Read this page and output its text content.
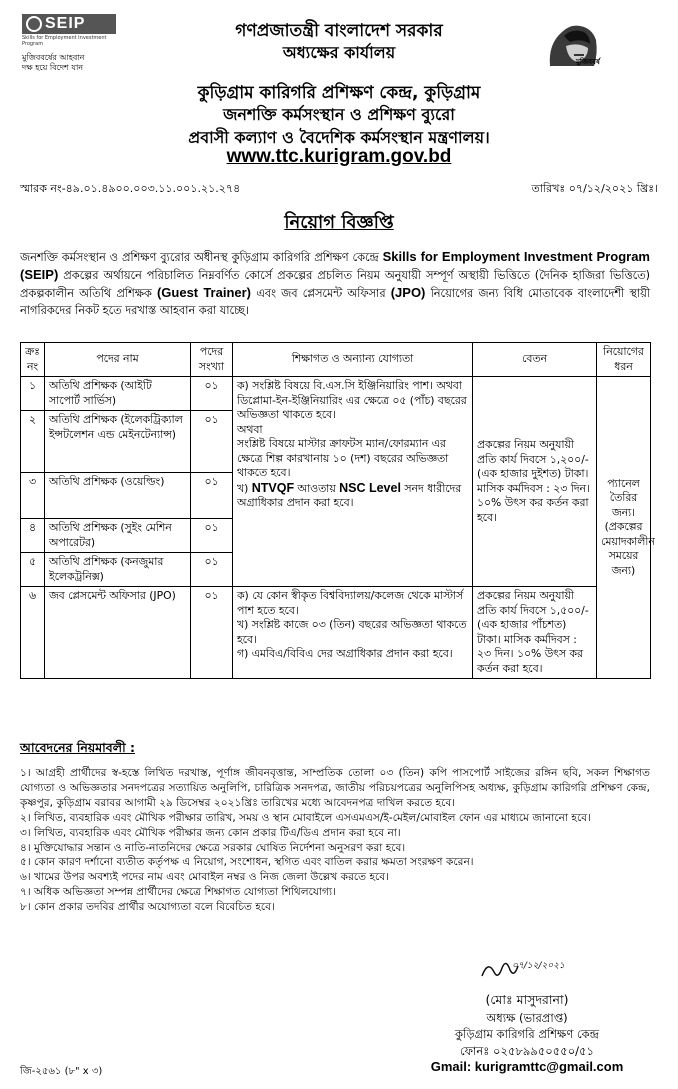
SEIP
Skills for Employment Investment Program
মুজিববর্ষের আহবান
দক্ষ হয়ে বিদেশ যান
মুজিববর্ষ
গণপ্রজাতন্ত্রী বাংলাদেশ সরকার
অধ্যক্ষের কার্যালয়
কুড়িগ্রাম কারিগরি প্রশিক্ষণ কেন্দ্র, কুড়িগ্রাম
জনশক্তি কর্মসংস্থান ও প্রশিক্ষণ ব্যুরো
প্রবাসী কল্যাণ ও বৈদেশিক কর্মসংস্থান মন্ত্রণালয়।
www.ttc.kurigram.gov.bd
স্মারক নং-৪৯.০১.৪৯০০.০০৩.১১.০০১.২১.২৭৪	তারিখঃ ০৭/১২/২০২১ খ্রিঃ।
নিয়োগ বিজ্ঞপ্তি
জনশক্তি কর্মসংস্থান ও প্রশিক্ষণ ব্যুরোর অধীনস্থ কুড়িগ্রাম কারিগরি প্রশিক্ষণ কেন্দ্রে Skills for Employment Investment Program (SEIP) প্রকল্পের অর্থায়নে পরিচালিত নিম্নবর্ণিত কোর্সে প্রকল্পের প্রচলিত নিয়ম অনুযায়ী সম্পূর্ণ অস্থায়ী ভিত্তিতে (দৈনিক হাজিরা ভিত্তিতে) প্রকল্পকালীন অতিথি প্রশিক্ষক (Guest Trainer) এবং জব প্লেসমেন্ট অফিসার (JPO) নিয়োগের জন্য বিধি মোতাবেক বাংলাদেশী স্থায়ী নাগরিকদের নিকট হতে দরখাস্ত আহবান করা যাচ্ছে।
ক্রঃ নং	পদের নাম	পদের সংখ্যা	শিক্ষাগত ও অন্যান্য যোগ্যতা	বেতন	নিয়োগের ধরন
১	অতিথি প্রশিক্ষক (আইটি সাপোর্ট সার্ভিস)	০১	ক) সংশ্লিষ্ট বিষয়ে বি.এস.সি ইঞ্জিনিয়ারিং পাশ। অথবা ডিপ্লোমা-ইন-ইঞ্জিনিয়ারিং এর ক্ষেত্রে ০৫ (পাঁচ) বছরের অভিজ্ঞতা থাকতে হবে।
অথবা
সংশ্লিষ্ট বিষয়ে মাস্টার ক্রাফটস ম্যান/ফোরম্যান এর ক্ষেত্রে শিল্প কারখানায় ১০ (দশ) বছরের অভিজ্ঞতা থাকতে হবে।
খ) NTVQF আওতায় NSC Level সনদ ধারীদের অগ্রাধিকার প্রদান করা হবে।	প্রকল্পের নিয়ম অনুযায়ী প্রতি কার্য দিবসে ১,২০০/- (এক হাজার দুইশত) টাকা। মাসিক কর্মদিবস : ২৩ দিন। ১০% উৎস কর কর্তন করা হবে।	প্যানেল তৈরির জন্য। (প্রকল্পের মেয়াদকালীন সময়ের জন্য)
২	অতিথি প্রশিক্ষক (ইলেকট্রিক্যাল ইন্সটলেশন এন্ড মেইনটেন্যান্স)	০১			
৩	অতিথি প্রশিক্ষক (ওয়েল্ডিং)	০১			
৪	অতিথি প্রশিক্ষক (সুইং মেশিন অপারেটর)	০১			
৫	অতিথি প্রশিক্ষক (কনজুমার ইলেকট্রনিক্স)	০১			
৬	জব প্লেসমেন্ট অফিসার (JPO)	০১	ক) যে কোন স্বীকৃত বিশ্ববিদ্যালয়/কলেজ থেকে মাস্টার্স পাশ হতে হবে।
খ) সংশ্লিষ্ট কাজে ০৩ (তিন) বছরের অভিজ্ঞতা থাকতে হবে।
গ) এমবিএ/বিবিএ দের অগ্রাধিকার প্রদান করা হবে।	প্রকল্পের নিয়ম অনুযায়ী প্রতি কার্য দিবসে ১,৫০০/- (এক হাজার পাঁচশত) টাকা। মাসিক কর্মদিবস : ২৩ দিন। ১০% উৎস কর কর্তন করা হবে।	
আবেদনের নিয়মাবলী :
১। আগ্রহী প্রার্থীদের স্ব-হস্তে লিখিত দরখাস্ত, পূর্ণাঙ্গ জীবনবৃত্তান্ত, সাম্প্রতিক তোলা ০৩ (তিন) কপি পাসপোর্ট সাইজের রঙ্গিন ছবি, সকল শিক্ষাগত যোগ্যতা ও অভিজ্ঞতার সনদপত্রের সত্যায়িত অনুলিপি, চারিত্রিক সনদপত্র, জাতীয় পরিচয়পত্রের অনুলিপিসহ অধ্যক্ষ, কুড়িগ্রাম কারিগরি প্রশিক্ষণ কেন্দ্র, কৃষ্ণপুর, কুড়িগ্রাম বরাবর আগামী ২৯ ডিসেম্বর ২০২১খ্রিঃ তারিখের মধ্যে আবেদনপত্র দাখিল করতে হবে।
২। লিখিত, ব্যবহারিক এবং মৌখিক পরীক্ষার তারিখ, সময় ও স্থান মোবাইলে এসএমএস/ই-মেইল/মোবাইল ফোন এর মাধ্যমে জানানো হবে।
৩। লিখিত, ব্যবহারিক এবং মৌখিক পরীক্ষার জন্য কোন প্রকার টিএ/ডিএ প্রদান করা হবে না।
৪। মুক্তিযোদ্ধার সন্তান ও নাতি-নাতনিদের ক্ষেত্রে সরকার ঘোষিত নির্দেশনা অনুসরণ করা হবে।
৫। কোন কারণ দর্শানো ব্যতীত কর্তৃপক্ষ এ নিয়োগ, সংশোধন, স্থগিত এবং বাতিল করার ক্ষমতা সংরক্ষণ করেন।
৬। খামের উপর অবশ্যই পদের নাম এবং মোবাইল নম্বর ও নিজ জেলা উল্লেখ করতে হবে।
৭। অধিক অভিজ্ঞতা সম্পন্ন প্রার্থীদের ক্ষেত্রে শিক্ষাগত যোগ্যতা শিথিলযোগ্য।
৮। কোন প্রকার তদবির প্রার্থীর অযোগ্যতা বলে বিবেচিত হবে।
০৭/১২/২০২১
(মোঃ মাসুদরানা)
অধ্যক্ষ (ভারপ্রাপ্ত)
কুড়িগ্রাম কারিগরি প্রশিক্ষণ কেন্দ্র
ফোনঃ ০২৫৮৯৯৫০৫৫০/৫১
Gmail: kurigramttc@gmail.com
জি-২৫৬১ (৮" x ৩)
